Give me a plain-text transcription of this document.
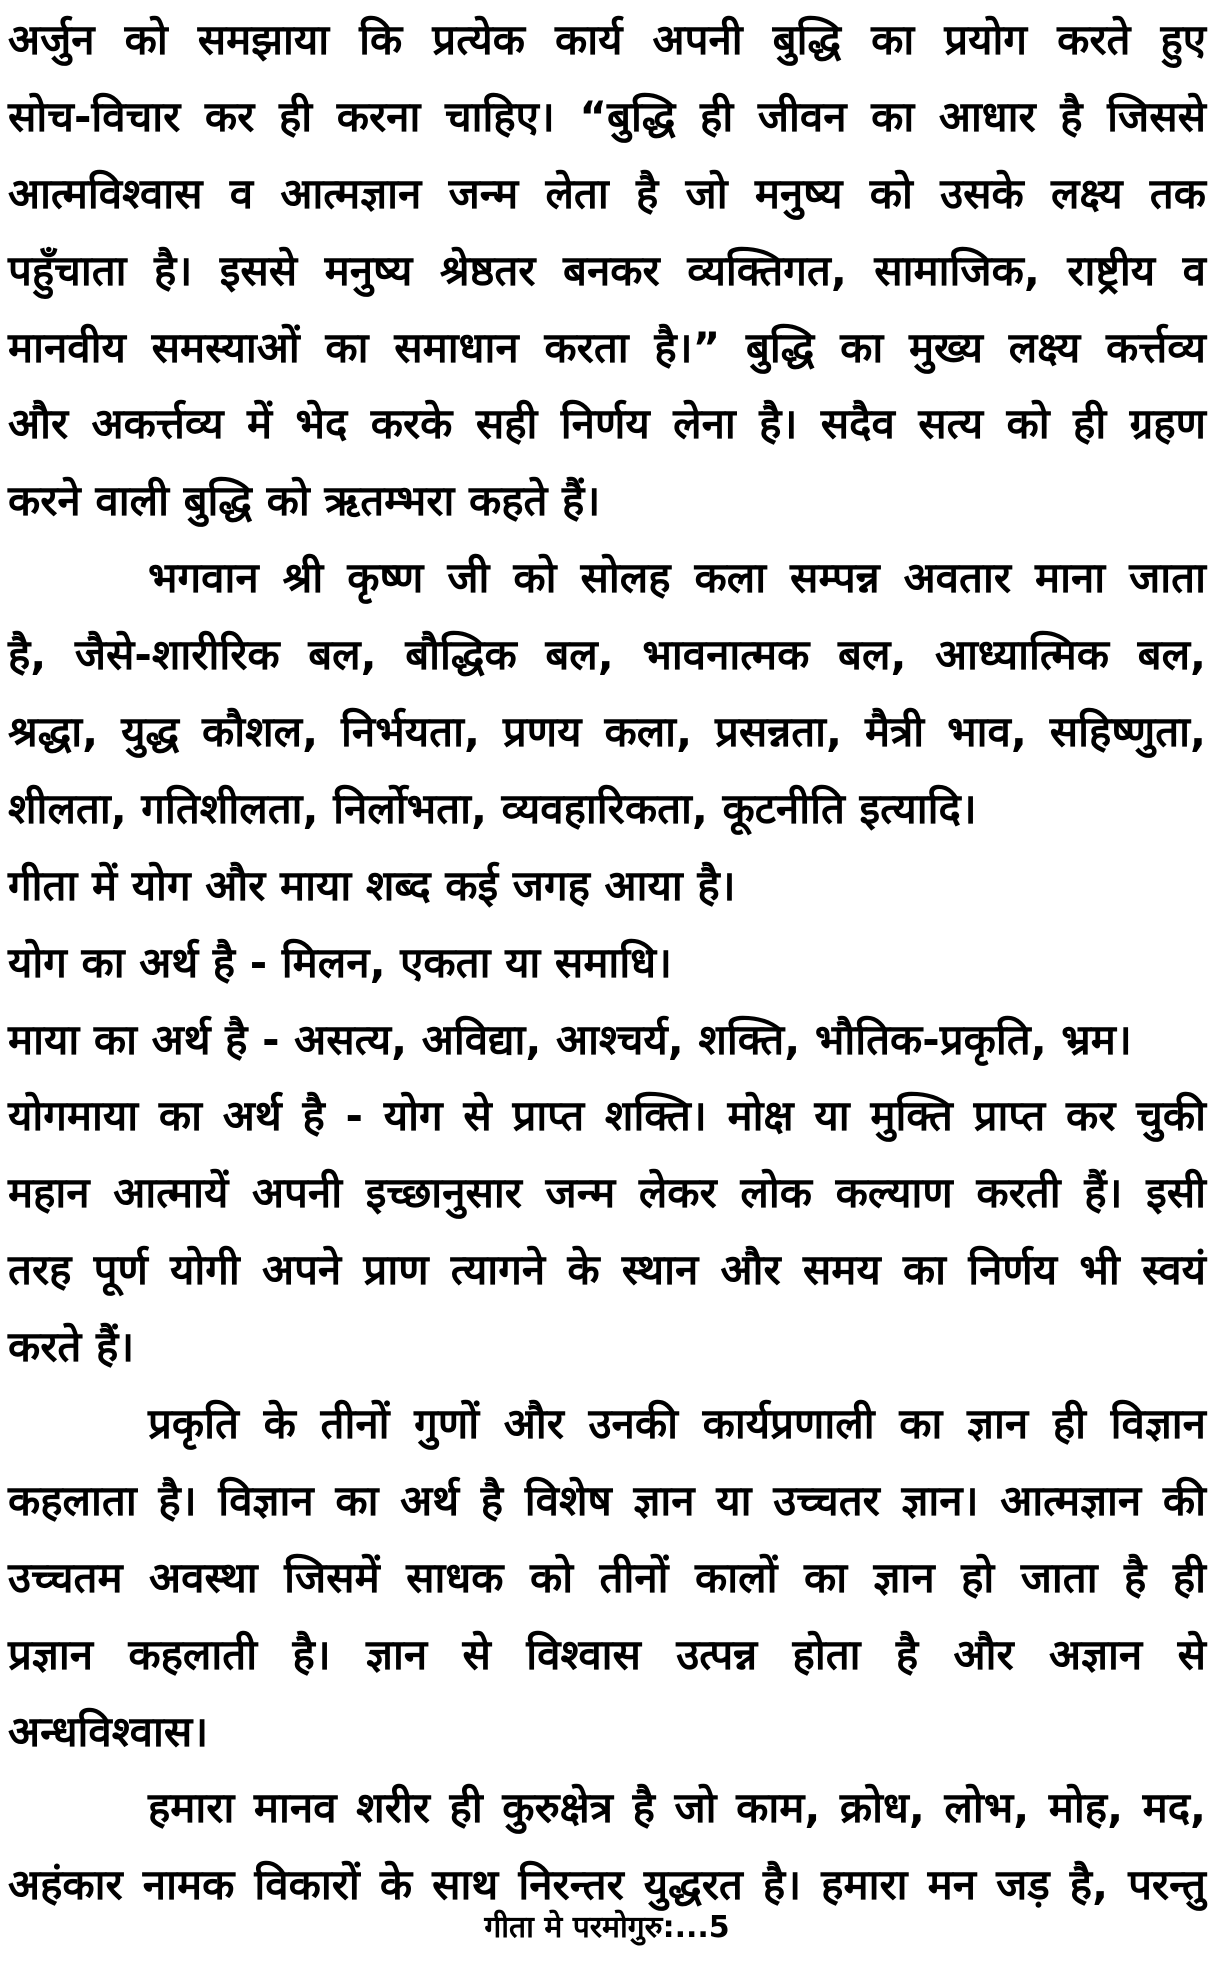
अर्जुन को समझाया कि प्रत्येक कार्य अपनी बुद्धि का प्रयोग करते हुए
सोच-विचार कर ही करना चाहिए। “बुद्धि ही जीवन का आधार है जिससे
आत्मविश्वास व आत्मज्ञान जन्म लेता है जो मनुष्य को उसके लक्ष्य तक
पहुँचाता है। इससे मनुष्य श्रेष्ठतर बनकर व्यक्तिगत, सामाजिक, राष्ट्रीय व
मानवीय समस्याओं का समाधान करता है।” बुद्धि का मुख्य लक्ष्य कर्त्तव्य
और अकर्त्तव्य में भेद करके सही निर्णय लेना है। सदैव सत्य को ही ग्रहण
करने वाली बुद्धि को ऋतम्भरा कहते हैं।
भगवान श्री कृष्ण जी को सोलह कला सम्पन्न अवतार माना जाता
है, जैसे-शारीरिक बल, बौद्धिक बल, भावनात्मक बल, आध्यात्मिक बल,
श्रद्धा, युद्ध कौशल, निर्भयता, प्रणय कला, प्रसन्नता, मैत्री भाव, सहिष्णुता,
शीलता, गतिशीलता, निर्लोभता, व्यवहारिकता, कूटनीति इत्यादि।
गीता में योग और माया शब्द कई जगह आया है।
योग का अर्थ है - मिलन, एकता या समाधि।
माया का अर्थ है - असत्य, अविद्या, आश्चर्य, शक्ति, भौतिक-प्रकृति, भ्रम।
योगमाया का अर्थ है - योग से प्राप्त शक्ति। मोक्ष या मुक्ति प्राप्त कर चुकी
महान आत्मायें अपनी इच्छानुसार जन्म लेकर लोक कल्याण करती हैं। इसी
तरह पूर्ण योगी अपने प्राण त्यागने के स्थान और समय का निर्णय भी स्वयं
करते हैं।
प्रकृति के तीनों गुणों और उनकी कार्यप्रणाली का ज्ञान ही विज्ञान
कहलाता है। विज्ञान का अर्थ है विशेष ज्ञान या उच्चतर ज्ञान। आत्मज्ञान की
उच्चतम अवस्था जिसमें साधक को तीनों कालों का ज्ञान हो जाता है ही
प्रज्ञान कहलाती है। ज्ञान से विश्वास उत्पन्न होता है और अज्ञान से
अन्धविश्वास।
हमारा मानव शरीर ही कुरुक्षेत्र है जो काम, क्रोध, लोभ, मोह, मद,
अहंकार नामक विकारों के साथ निरन्तर युद्धरत है। हमारा मन जड़ है, परन्तु
गीता मे परमोगुरु:...5
